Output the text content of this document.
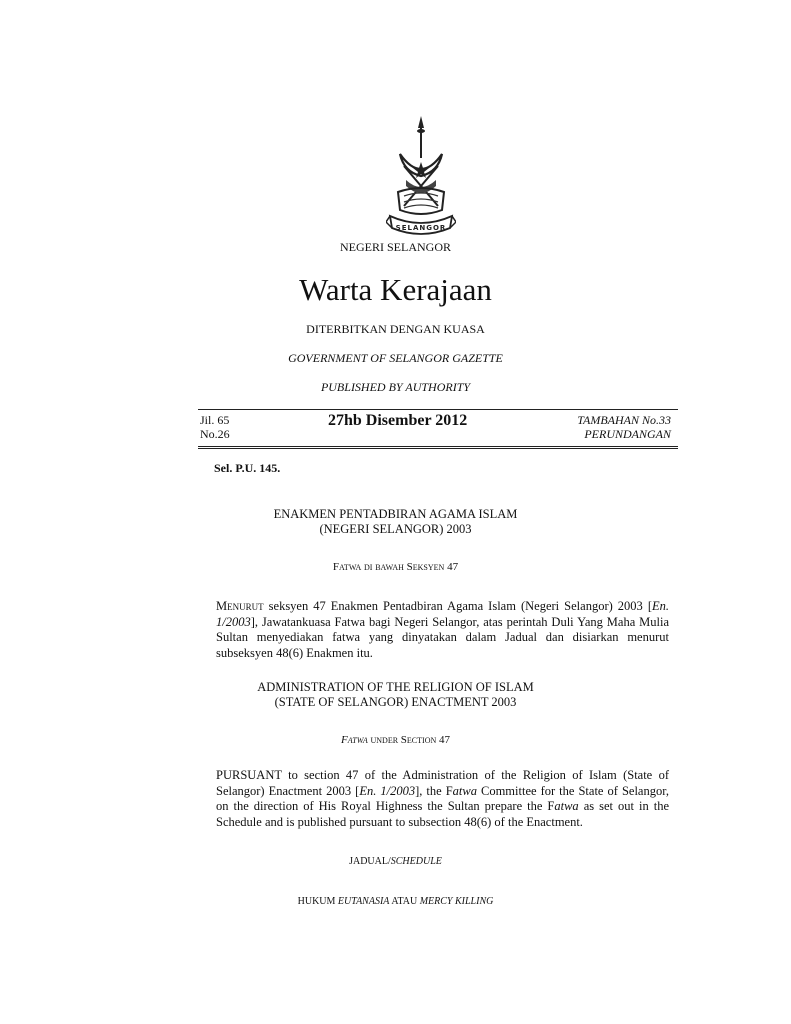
SELANGOR
NEGERI SELANGOR
Warta Kerajaan
DITERBITKAN DENGAN KUASA
GOVERNMENT OF SELANGOR GAZETTE
PUBLISHED BY AUTHORITY
Jil. 65
No.26
27hb Disember 2012	TAMBAHAN No.33
PERUNDANGAN
Sel. P.U. 145.
ENAKMEN PENTADBIRAN AGAMA ISLAM
(NEGERI SELANGOR) 2003
Fatwa di bawah Seksyen 47
Menurut seksyen 47 Enakmen Pentadbiran Agama Islam (Negeri Selangor) 2003 [En. 1/2003], Jawatankuasa Fatwa bagi Negeri Selangor, atas perintah Duli Yang Maha Mulia Sultan menyediakan fatwa yang dinyatakan dalam Jadual dan disiarkan menurut subseksyen 48(6) Enakmen itu.
ADMINISTRATION OF THE RELIGION OF ISLAM
(STATE OF SELANGOR) ENACTMENT 2003
Fatwa under Section 47
PURSUANT to section 47 of the Administration of the Religion of Islam (State of Selangor) Enactment 2003 [En. 1/2003], the Fatwa Committee for the State of Selangor, on the direction of His Royal Highness the Sultan prepare the Fatwa as set out in the Schedule and is published pursuant to subsection 48(6) of the Enactment.
JADUAL/SCHEDULE
HUKUM EUTANASIA ATAU MERCY KILLING
